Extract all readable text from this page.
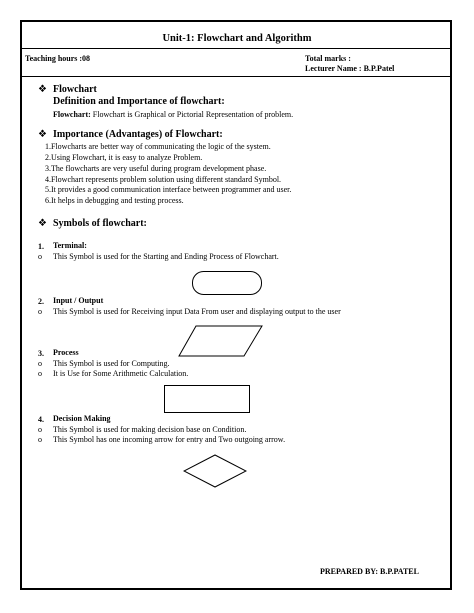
Unit-1: Flowchart and Algorithm
Teaching hours :08	Total marks :
Lecturer Name : B.P.Patel
❖ Flowchart
Definition and Importance of flowchart:
Flowchart: Flowchart is Graphical or Pictorial Representation of problem.
❖ Importance (Advantages) of Flowchart:
1.Flowcharts are better way of communicating the logic of the system.
2.Using Flowchart, it is easy to analyze Problem.
3.The flowcharts are very useful during program development phase.
4.Flowchart represents problem solution using different standard Symbol.
5.It provides a good communication interface between programmer and user.
6.It helps in debugging and testing process.
❖ Symbols of flowchart:
1. Terminal:
o This Symbol is used for the Starting and Ending Process of Flowchart.
2. Input / Output
o This Symbol is used for Receiving input Data From user and displaying output to the user
3. Process
o This Symbol is used for Computing.
o It is Use for Some Arithmetic Calculation.
4. Decision Making
o This Symbol is used for making decision base on Condition.
o This Symbol has one incoming arrow for entry and Two outgoing arrow.
PREPARED BY: B.P.PATEL
